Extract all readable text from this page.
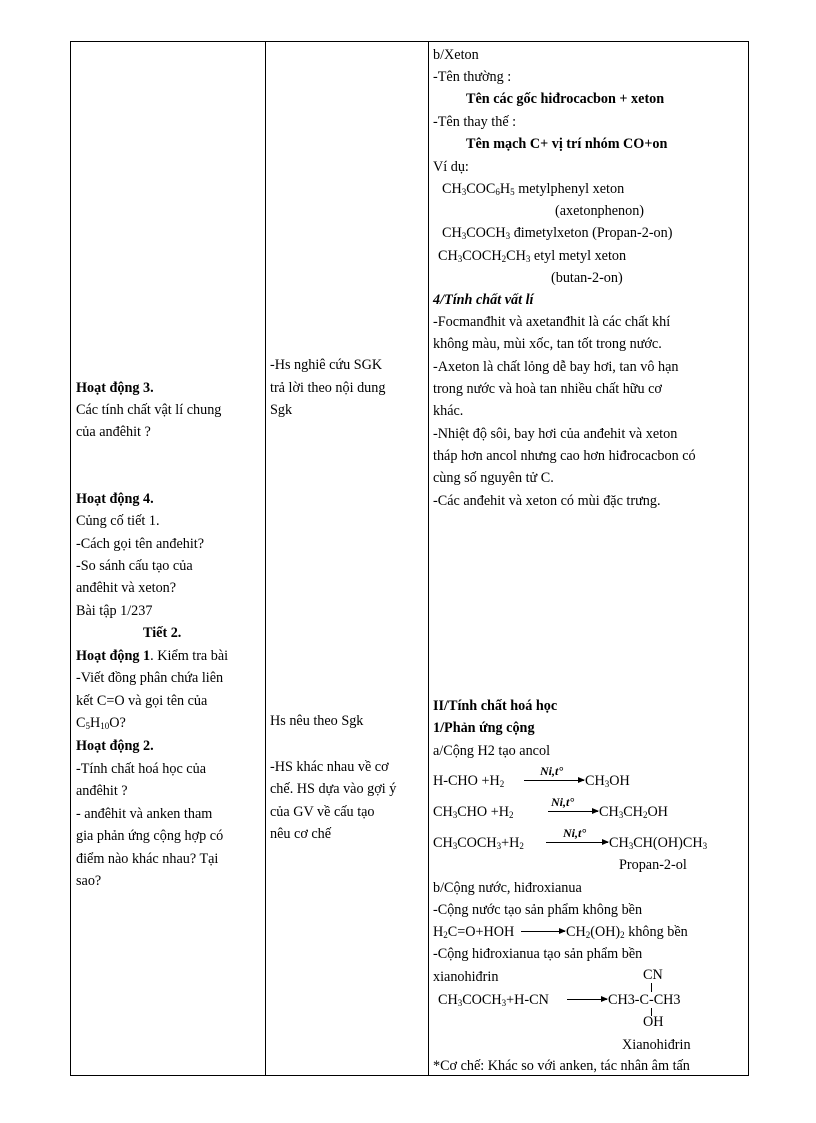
Hoạt động 3.
Các tính chất vật lí chung
của anđêhit ?
Hoạt động 4.
Củng cố tiết 1.
-Cách gọi tên anđehit?
-So sánh cấu tạo của
anđêhit và xeton?
Bài tập 1/237
Tiết 2.
Hoạt động 1. Kiểm tra bài
-Viết đồng phân chứa liên
kết C=O và gọi tên của
$C_5H_{10}O$?
Hoạt động 2.
-Tính chất hoá học của
anđêhit ?
- anđêhit và anken tham
gia phản ứng cộng hợp có
điểm nào khác nhau? Tại
sao?
-Hs nghiê cứu SGK
trả lời theo nội dung
Sgk
Hs nêu theo Sgk
-HS khác nhau về cơ
chế. HS dựa vào gợi ý
của GV về cấu tạo
nêu cơ chế
b/Xeton
-Tên thường :
Tên các gốc hiđrocacbon + xeton
-Tên thay thế :
Tên mạch C+ vị trí nhóm CO+on
Ví dụ:
$CH_3COC_6H_5$ metylphenyl xeton
(axetonphenon)
$CH_3COCH_3$ đimetylxeton (Propan-2-on)
$CH_3COCH_2CH_3$ etyl metyl xeton
(butan-2-on)
4/Tính chất vất lí
-Focmanđhit và axetanđhit là các chất khí
không màu, mùi xốc, tan tốt trong nước.
-Axeton là chất lỏng dễ bay hơi, tan vô hạn
trong nước và hoà tan nhiều chất hữu cơ
khác.
-Nhiệt độ sôi, bay hơi của anđehit và xeton
tháp hơn ancol nhưng cao hơn hiđrocacbon có
cùng số nguyên tử C.
-Các anđehit và xeton có mùi đặc trưng.
II/Tính chất hoá học
1/Phản ứng cộng
a/Cộng H2 tạo ancol
$H-CHO +H_2$
Ni,t°
$CH_3OH$
$CH_3CHO +H_2$
Ni,t°
→ $CH_3CH_2OH$
$CH_3COCH_3+H_2$
Ni,t°
$CH_3CH(OH)CH_3$
Propan-2-ol
b/Cộng nước, hiđroxianua
-Cộng nước tạo sản phẩm không bền
$H_2C=O+HOH \to CH_2(OH)_2$ không bền
-Cộng hiđroxianua tạo sản phẩm bền
xianohiđrin	CN
$CH_3COCH_3+H-CN \to CH3-C-CH3$
OH
Xianohiđrin
*Cơ chế: Khác so với anken, tác nhân âm tấn
